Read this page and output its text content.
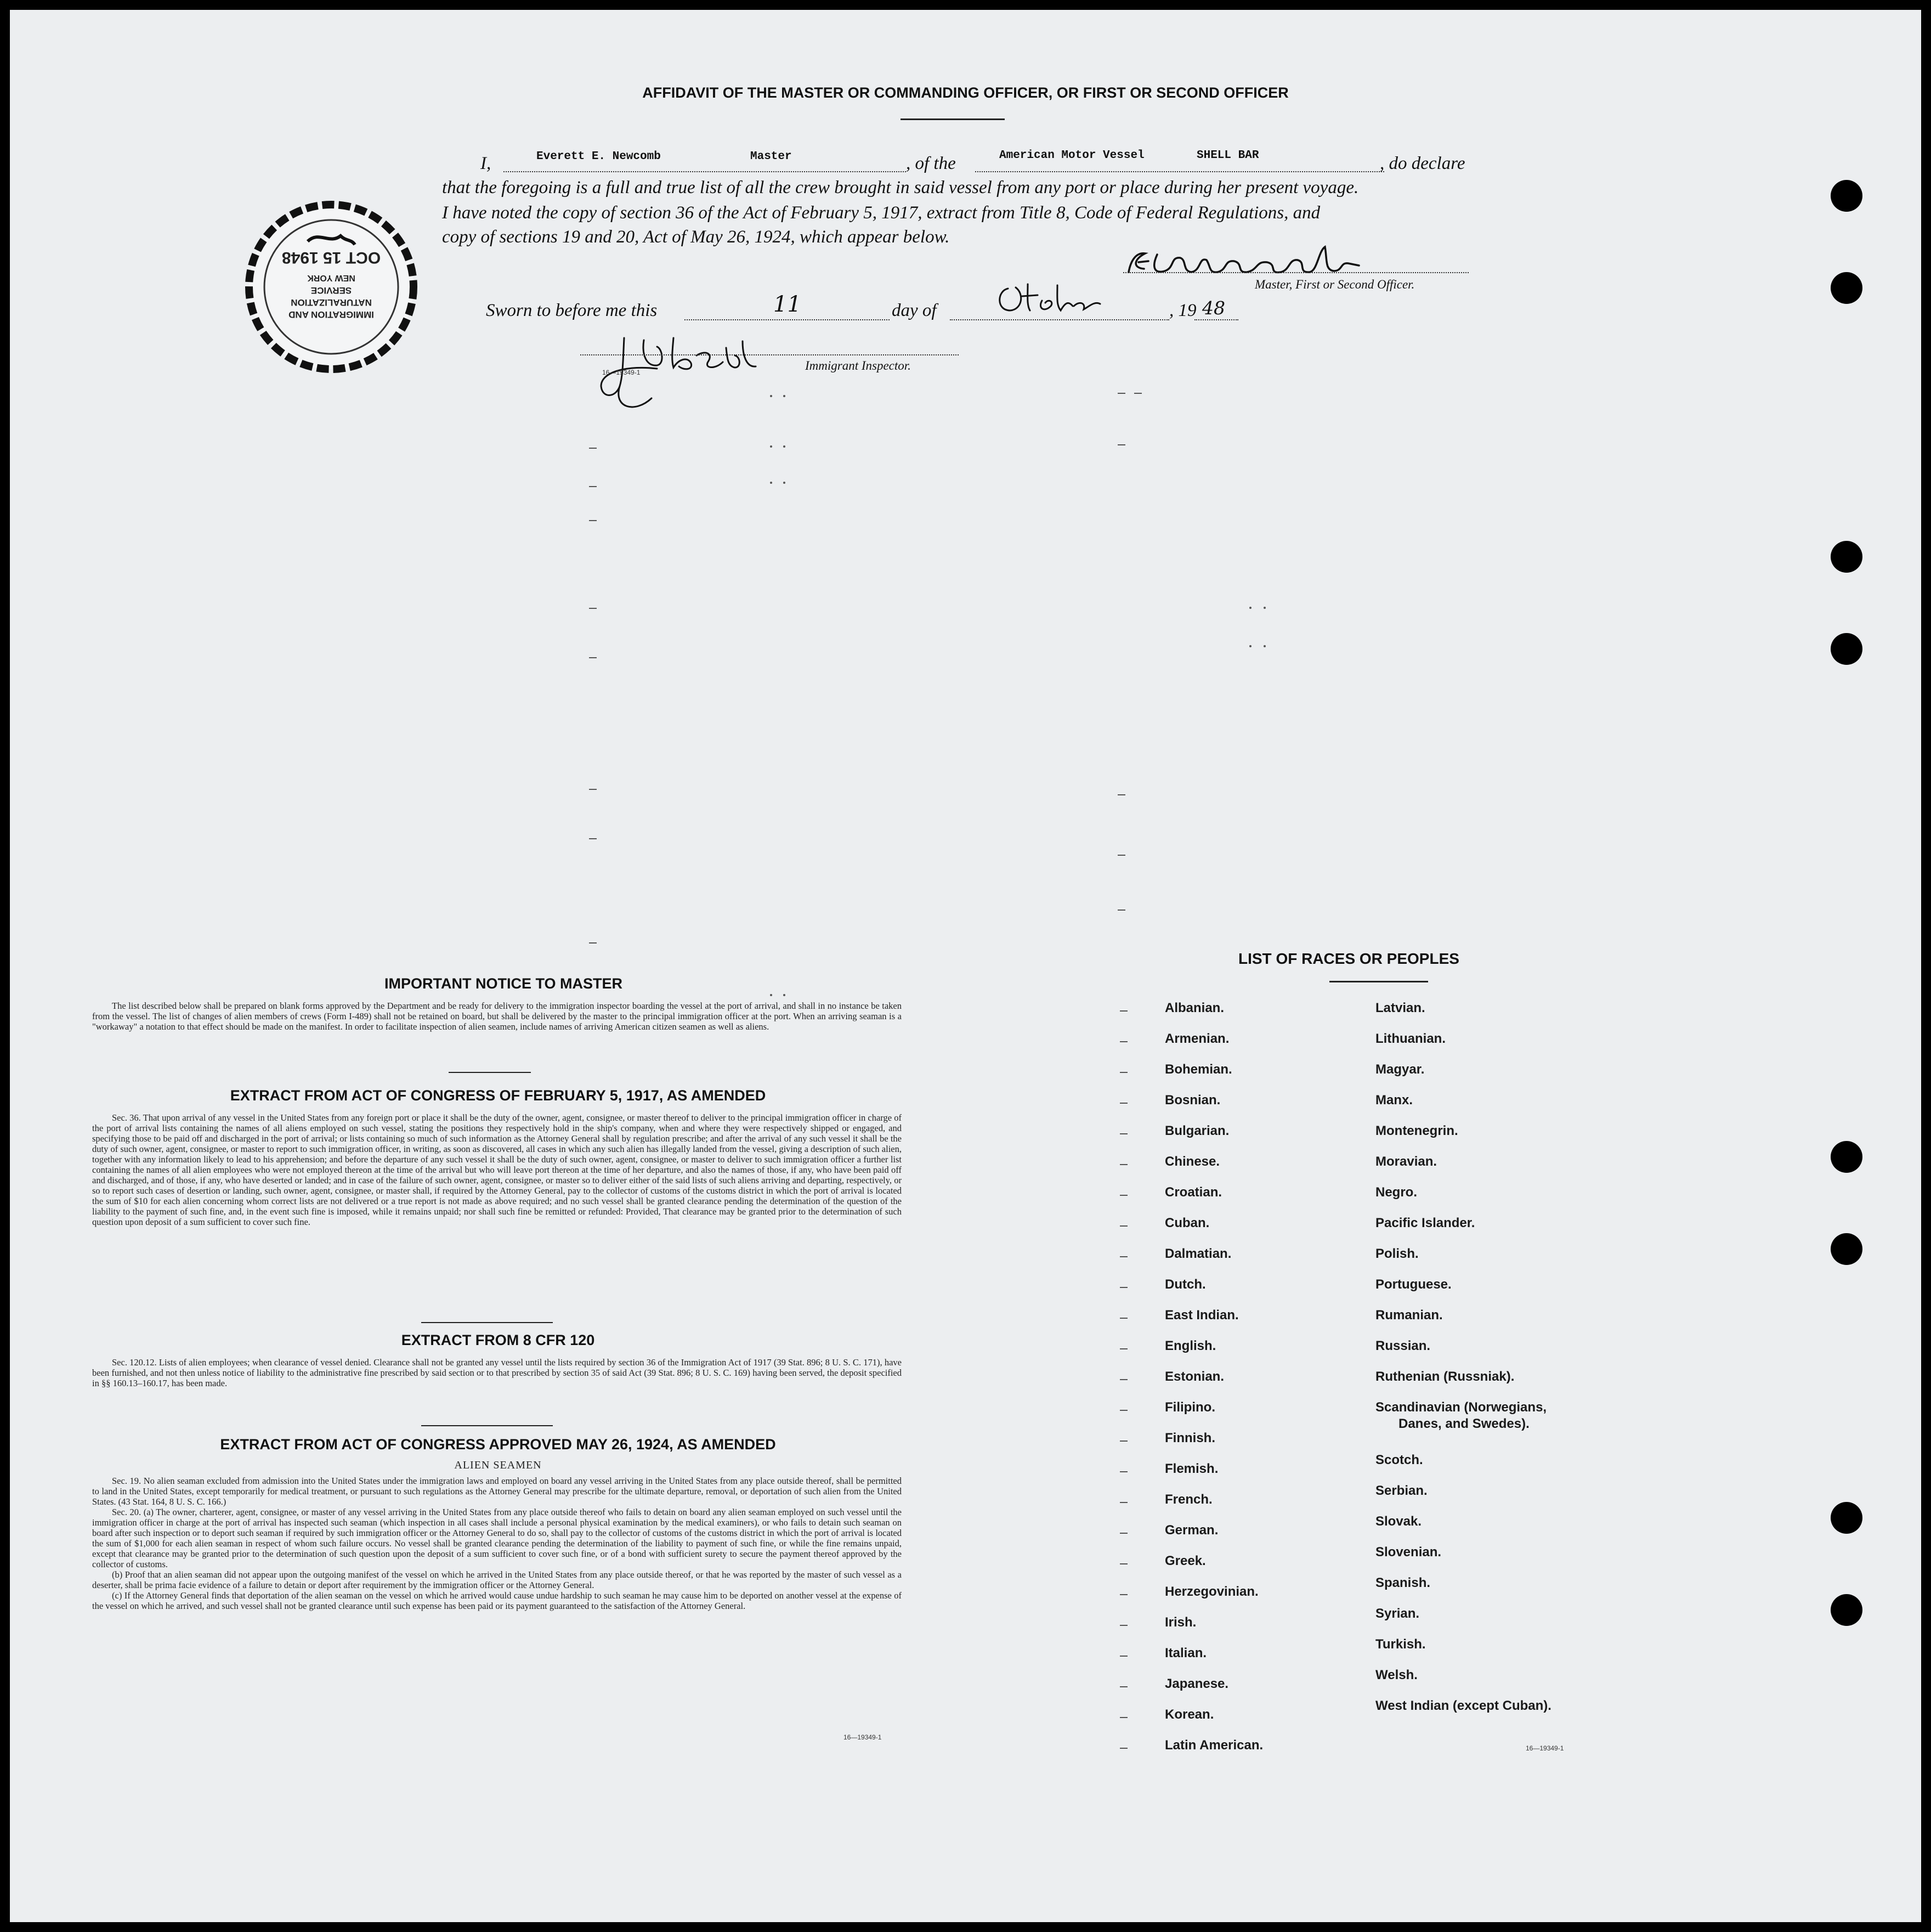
AFFIDAVIT OF THE MASTER OR COMMANDING OFFICER, OR FIRST OR SECOND OFFICER
I,	Everett E. Newcomb	Master	, of the	American Motor Vessel	SHELL BAR	, do declare
that the foregoing is a full and true list of all the crew brought in said vessel from any port or place during her present voyage.
I have noted the copy of section 36 of the Act of February 5, 1917, extract from Title 8, Code of Federal Regulations, and
copy of sections 19 and 20, Act of May 26, 1924, which appear below.
Master, First or Second Officer.
Sworn to before me this	11	day of	, 19 48
Immigrant Inspector.
16—19349-1
IMMIGRATION AND
NATURALIZATION
SERVICE
NEW YORK
OCT 15 1948
IMPORTANT NOTICE TO MASTER

The list described below shall be prepared on blank forms approved by the Department and be ready for delivery to the immigration inspector boarding the vessel at the port of arrival, and shall in no instance be taken from the vessel. The list of changes of alien members of crews (Form I-489) shall not be retained on board, but shall be delivered by the master to the principal immigration officer at the port. When an arriving seaman is a "workaway" a notation to that effect should be made on the manifest. In order to facilitate inspection of alien seamen, include names of arriving American citizen seamen as well as aliens.

EXTRACT FROM ACT OF CONGRESS OF FEBRUARY 5, 1917, AS AMENDED

Sec. 36. That upon arrival of any vessel in the United States from any foreign port or place it shall be the duty of the owner, agent, consignee, or master thereof to deliver to the principal immigration officer in charge of the port of arrival lists containing the names of all aliens employed on such vessel, stating the positions they respectively hold in the ship's company, when and where they were respectively shipped or engaged, and specifying those to be paid off and discharged in the port of arrival; or lists containing so much of such information as the Attorney General shall by regulation prescribe; and after the arrival of any such vessel it shall be the duty of such owner, agent, consignee, or master to report to such immigration officer, in writing, as soon as discovered, all cases in which any such alien has illegally landed from the vessel, giving a description of such alien, together with any information likely to lead to his apprehension; and before the departure of any such vessel it shall be the duty of such owner, agent, consignee, or master to deliver to such immigration officer a further list containing the names of all alien employees who were not employed thereon at the time of the arrival but who will leave port thereon at the time of her departure, and also the names of those, if any, who have been paid off and discharged, and of those, if any, who have deserted or landed; and in case of the failure of such owner, agent, consignee, or master so to deliver either of the said lists of such aliens arriving and departing, respectively, or so to report such cases of desertion or landing, such owner, agent, consignee, or master shall, if required by the Attorney General, pay to the collector of customs of the customs district in which the port of arrival is located the sum of $10 for each alien concerning whom correct lists are not delivered or a true report is not made as above required; and no such vessel shall be granted clearance pending the determination of the question of the liability to the payment of such fine, and, in the event such fine is imposed, while it remains unpaid; nor shall such fine be remitted or refunded: Provided, That clearance may be granted prior to the determination of such question upon deposit of a sum sufficient to cover such fine.

EXTRACT FROM 8 CFR 120

Sec. 120.12. Lists of alien employees; when clearance of vessel denied. Clearance shall not be granted any vessel until the lists required by section 36 of the Immigration Act of 1917 (39 Stat. 896; 8 U. S. C. 171), have been furnished, and not then unless notice of liability to the administrative fine prescribed by said section or to that prescribed by section 35 of said Act (39 Stat. 896; 8 U. S. C. 169) having been served, the deposit specified in §§ 160.13–160.17, has been made.

EXTRACT FROM ACT OF CONGRESS APPROVED MAY 26, 1924, AS AMENDED
ALIEN SEAMEN

Sec. 19. No alien seaman excluded from admission into the United States under the immigration laws and employed on board any vessel arriving in the United States from any place outside thereof, shall be permitted to land in the United States, except temporarily for medical treatment, or pursuant to such regulations as the Attorney General may prescribe for the ultimate departure, removal, or deportation of such alien from the United States. (43 Stat. 164, 8 U. S. C. 166.)

Sec. 20. (a) The owner, charterer, agent, consignee, or master of any vessel arriving in the United States from any place outside thereof who fails to detain on board any alien seaman employed on such vessel until the immigration officer in charge at the port of arrival has inspected such seaman (which inspection in all cases shall include a personal physical examination by the medical examiners), or who fails to detain such seaman on board after such inspection or to deport such seaman if required by such immigration officer or the Attorney General to do so, shall pay to the collector of customs of the customs district in which the port of arrival is located the sum of $1,000 for each alien seaman in respect of whom such failure occurs. No vessel shall be granted clearance pending the determination of the liability to payment of such fine, or while the fine remains unpaid, except that clearance may be granted prior to the determination of such question upon the deposit of a sum sufficient to cover such fine, or of a bond with sufficient surety to secure the payment thereof approved by the collector of customs.

(b) Proof that an alien seaman did not appear upon the outgoing manifest of the vessel on which he arrived in the United States from any place outside thereof, or that he was reported by the master of such vessel as a deserter, shall be prima facie evidence of a failure to detain or deport after requirement by the immigration officer or the Attorney General.

(c) If the Attorney General finds that deportation of the alien seaman on the vessel on which he arrived would cause undue hardship to such seaman he may cause him to be deported on another vessel at the expense of the vessel on which he arrived, and such vessel shall not be granted clearance until such expense has been paid or its payment guaranteed to the satisfaction of the Attorney General.

16—19349-1
LIST OF RACES OR PEOPLES
16—19349-1
Albanian.
Armenian.
Bohemian.
Bosnian.
Bulgarian.
Chinese.
Croatian.
Cuban.
Dalmatian.
Dutch.
East Indian.
English.
Estonian.
Filipino.
Finnish.
Flemish.
French.
German.
Greek.
Herzegovinian.
Irish.
Italian.
Japanese.
Korean.
Latin American.
Latvian.
Lithuanian.
Magyar.
Manx.
Montenegrin.
Moravian.
Negro.
Pacific Islander.
Polish.
Portuguese.
Rumanian.
Russian.
Ruthenian (Russniak).
Scandinavian (Norwegians,
Danes, and Swedes).
Scotch.
Serbian.
Slovak.
Slovenian.
Spanish.
Syrian.
Turkish.
Welsh.
West Indian (except Cuban).
